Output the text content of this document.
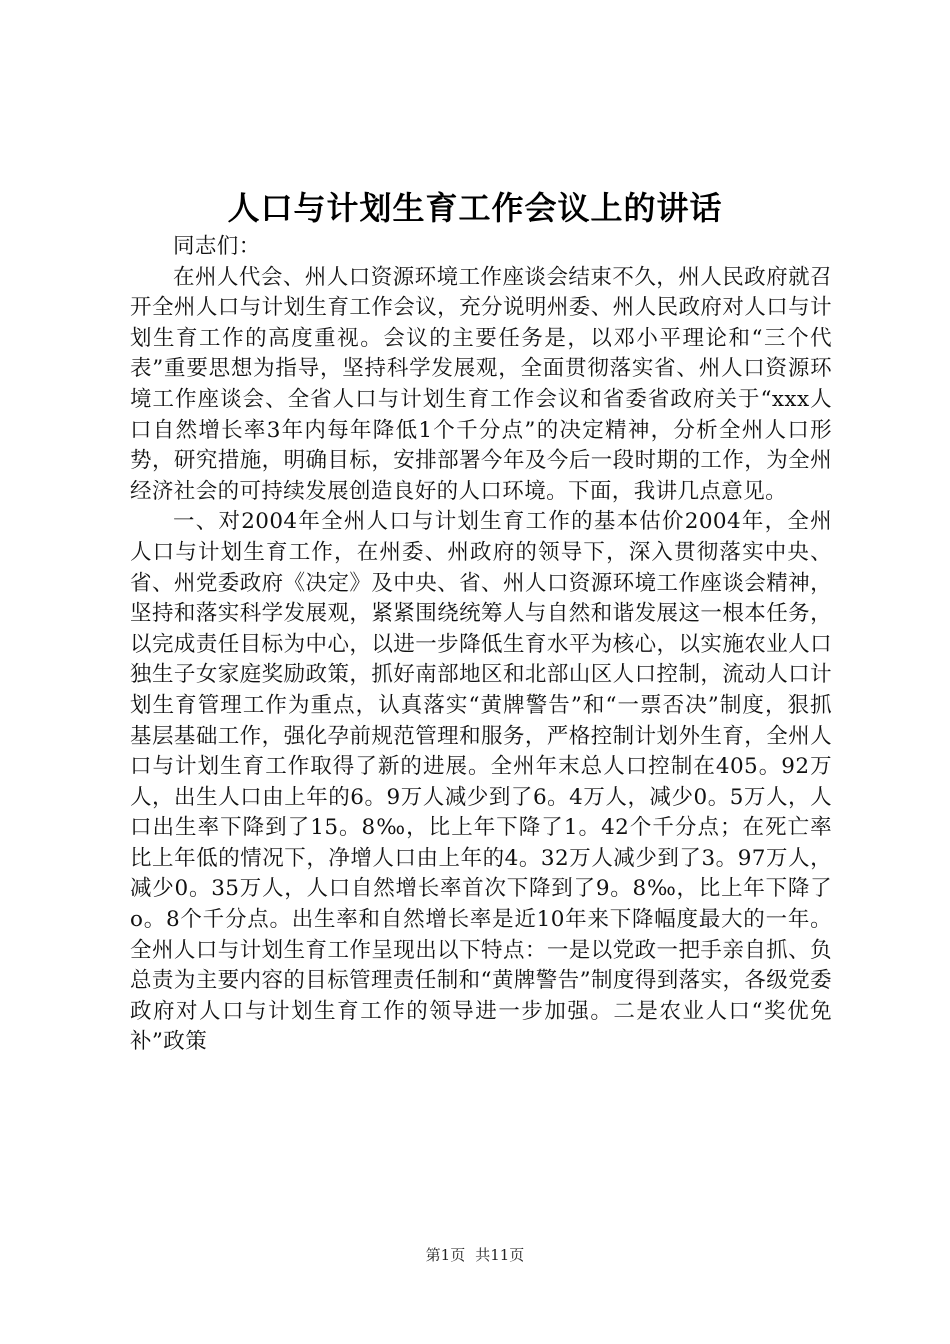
人口与计划生育工作会议上的讲话

同志们：

在州人代会、州人口资源环境工作座谈会结束不久，州人民政府就召开全州人口与计划生育工作会议，充分说明州委、州人民政府对人口与计划生育工作的高度重视。会议的主要任务是，以邓小平理论和“三个代表”重要思想为指导，坚持科学发展观，全面贯彻落实省、州人口资源环境工作座谈会、全省人口与计划生育工作会议和省委省政府关于“xxx人口自然增长率3年内每年降低1个千分点”的决定精神，分析全州人口形势，研究措施，明确目标，安排部署今年及今后一段时期的工作，为全州经济社会的可持续发展创造良好的人口环境。下面，我讲几点意见。

一、对2004年全州人口与计划生育工作的基本估价2004年，全州人口与计划生育工作，在州委、州政府的领导下，深入贯彻落实中央、省、州党委政府《决定》及中央、省、州人口资源环境工作座谈会精神，坚持和落实科学发展观，紧紧围绕统筹人与自然和谐发展这一根本任务，以完成责任目标为中心，以进一步降低生育水平为核心，以实施农业人口独生子女家庭奖励政策，抓好南部地区和北部山区人口控制，流动人口计划生育管理工作为重点，认真落实“黄牌警告”和“一票否决”制度，狠抓基层基础工作，强化孕前规范管理和服务，严格控制计划外生育，全州人口与计划生育工作取得了新的进展。全州年末总人口控制在405。92万人，出生人口由上年的6。9万人减少到了6。4万人，减少0。5万人，人口出生率下降到了15。8‰，比上年下降了1。42个千分点；在死亡率比上年低的情况下，净增人口由上年的4。32万人减少到了3。97万人，减少0。35万人，人口自然增长率首次下降到了9。8‰，比上年下降了o。8个千分点。出生率和自然增长率是近10年来下降幅度最大的一年。全州人口与计划生育工作呈现出以下特点：一是以党政一把手亲自抓、负总责为主要内容的目标管理责任制和“黄牌警告”制度得到落实，各级党委政府对人口与计划生育工作的领导进一步加强。二是农业人口“奖优免补”政策

第1页 共11页
